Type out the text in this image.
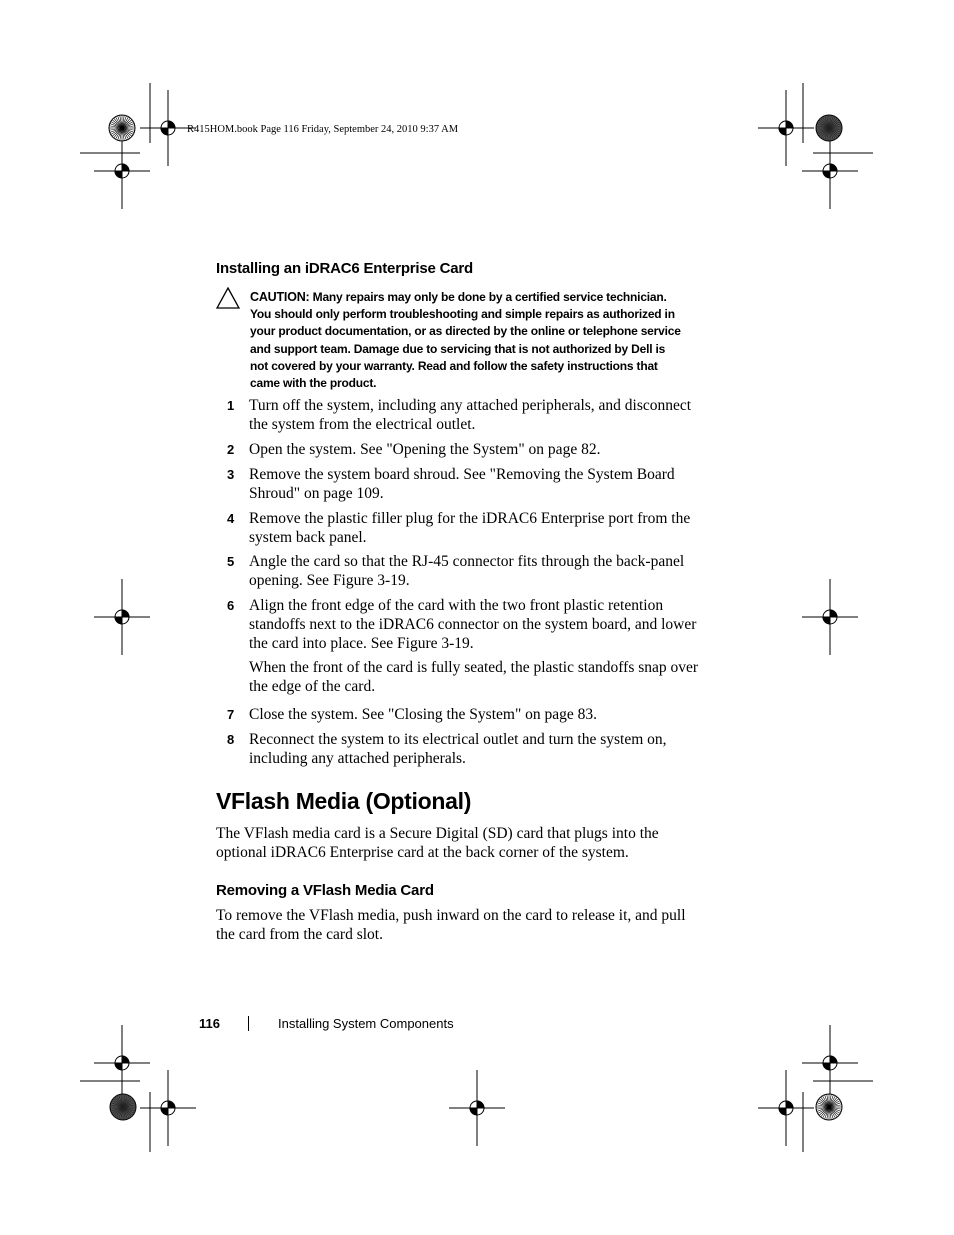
R415HOM.book Page 116 Friday, September 24, 2010 9:37 AM
Installing an iDRAC6 Enterprise Card
CAUTION: Many repairs may only be done by a certified service technician.
You should only perform troubleshooting and simple repairs as authorized in
your product documentation, or as directed by the online or telephone service
and support team. Damage due to servicing that is not authorized by Dell is
not covered by your warranty. Read and follow the safety instructions that
came with the product.
1 Turn off the system, including any attached peripherals, and disconnect
the system from the electrical outlet.
2 Open the system. See "Opening the System" on page 82.
3 Remove the system board shroud. See "Removing the System Board
Shroud" on page 109.
4 Remove the plastic filler plug for the iDRAC6 Enterprise port from the
system back panel.
5 Angle the card so that the RJ-45 connector fits through the back-panel
opening. See Figure 3-19.
6 Align the front edge of the card with the two front plastic retention
standoffs next to the iDRAC6 connector on the system board, and lower
the card into place. See Figure 3-19.
When the front of the card is fully seated, the plastic standoffs snap over
the edge of the card.
7 Close the system. See "Closing the System" on page 83.
8 Reconnect the system to its electrical outlet and turn the system on,
including any attached peripherals.
VFlash Media (Optional)
The VFlash media card is a Secure Digital (SD) card that plugs into the
optional iDRAC6 Enterprise card at the back corner of the system.
Removing a VFlash Media Card
To remove the VFlash media, push inward on the card to release it, and pull
the card from the card slot.
116	Installing System Components
